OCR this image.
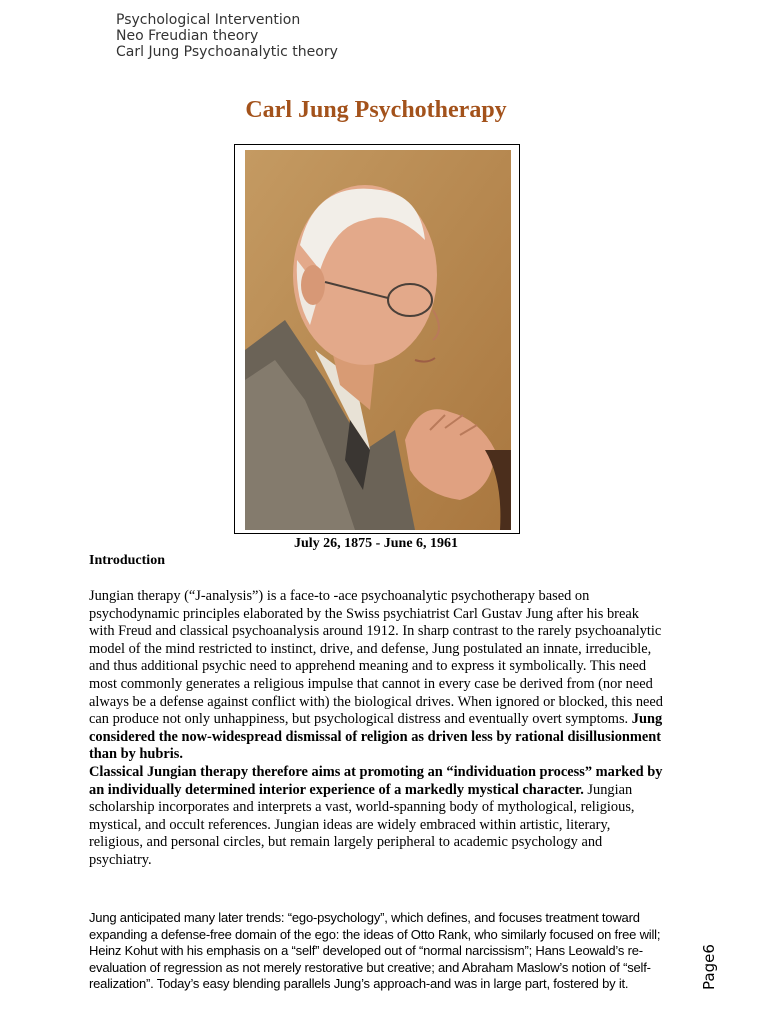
Psychological Intervention
Neo Freudian theory
Carl Jung Psychoanalytic theory
Carl Jung Psychotherapy
July 26, 1875 - June 6, 1961
Introduction
Jungian therapy (“J-analysis”) is a face-to -ace psychoanalytic psychotherapy based on psychodynamic principles elaborated by the Swiss psychiatrist Carl Gustav Jung after his break with Freud and classical psychoanalysis around 1912. In sharp contrast to the rarely psychoanalytic model of the mind restricted to instinct, drive, and defense, Jung postulated an innate, irreducible, and thus additional psychic need to apprehend meaning and to express it symbolically. This need most commonly generates a religious impulse that cannot in every case be derived from (nor need always be a defense against conflict with) the biological drives. When ignored or blocked, this need can produce not only unhappiness, but psychological distress and eventually overt symptoms. Jung considered the now-widespread dismissal of religion as driven less by rational disillusionment than by hubris.
Classical Jungian therapy therefore aims at promoting an “individuation process” marked by an individually determined interior experience of a markedly mystical character. Jungian scholarship incorporates and interprets a vast, world-spanning body of mythological, religious, mystical, and occult references. Jungian ideas are widely embraced within artistic, literary, religious, and personal circles, but remain largely peripheral to academic psychology and psychiatry.
Jung anticipated many later trends: “ego-psychology”, which defines, and focuses treatment toward expanding a defense-free domain of the ego: the ideas of Otto Rank, who similarly focused on free will; Heinz Kohut with his emphasis on a “self” developed out of “normal narcissism”; Hans Leowald’s re-evaluation of regression as not merely restorative but creative; and Abraham Maslow’s notion of “self-realization”. Today’s easy blending parallels Jung’s approach-and was in large part, fostered by it.	Page6
